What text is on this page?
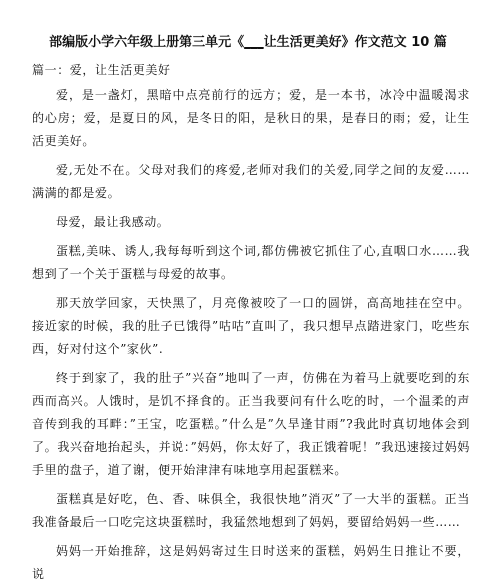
部编版小学六年级上册第三单元《___让生活更美好》作文范文 10 篇

篇一：爱，让生活更美好

爱，是一盏灯，黑暗中点亮前行的远方；爱，是一本书，冰冷中温暖渴求的心房；爱，是夏日的风，是冬日的阳，是秋日的果，是春日的雨；爱，让生活更美好。

爱,无处不在。父母对我们的疼爱,老师对我们的关爱,同学之间的友爱……满满的都是爱。

母爱，最让我感动。

蛋糕,美味、诱人,我每每听到这个词,都仿佛被它抓住了心,直咽口水……我想到了一个关于蛋糕与母爱的故事。

那天放学回家，天快黑了，月亮像被咬了一口的圆饼，高高地挂在空中。接近家的时候，我的肚子已饿得”咕咕”直叫了，我只想早点踏进家门，吃些东西，好对付这个”家伙”.

终于到家了，我的肚子”兴奋”地叫了一声，仿佛在为着马上就要吃到的东西而高兴。人饿时，是饥不择食的。正当我要问有什么吃的时，一个温柔的声音传到我的耳畔：”王宝，吃蛋糕。”什么是”久旱逢甘雨”?我此时真切地体会到了。我兴奋地抬起头，并说：”妈妈，你太好了，我正饿着呢！”我迅速接过妈妈手里的盘子，道了谢，便开始津津有味地享用起蛋糕来。

蛋糕真是好吃，色、香、味俱全，我很快地”消灭”了一大半的蛋糕。正当我准备最后一口吃完这块蛋糕时，我猛然地想到了妈妈，要留给妈妈一些……

妈妈一开始推辞，这是妈妈寄过生日时送来的蛋糕，妈妈生日推让不要，说
